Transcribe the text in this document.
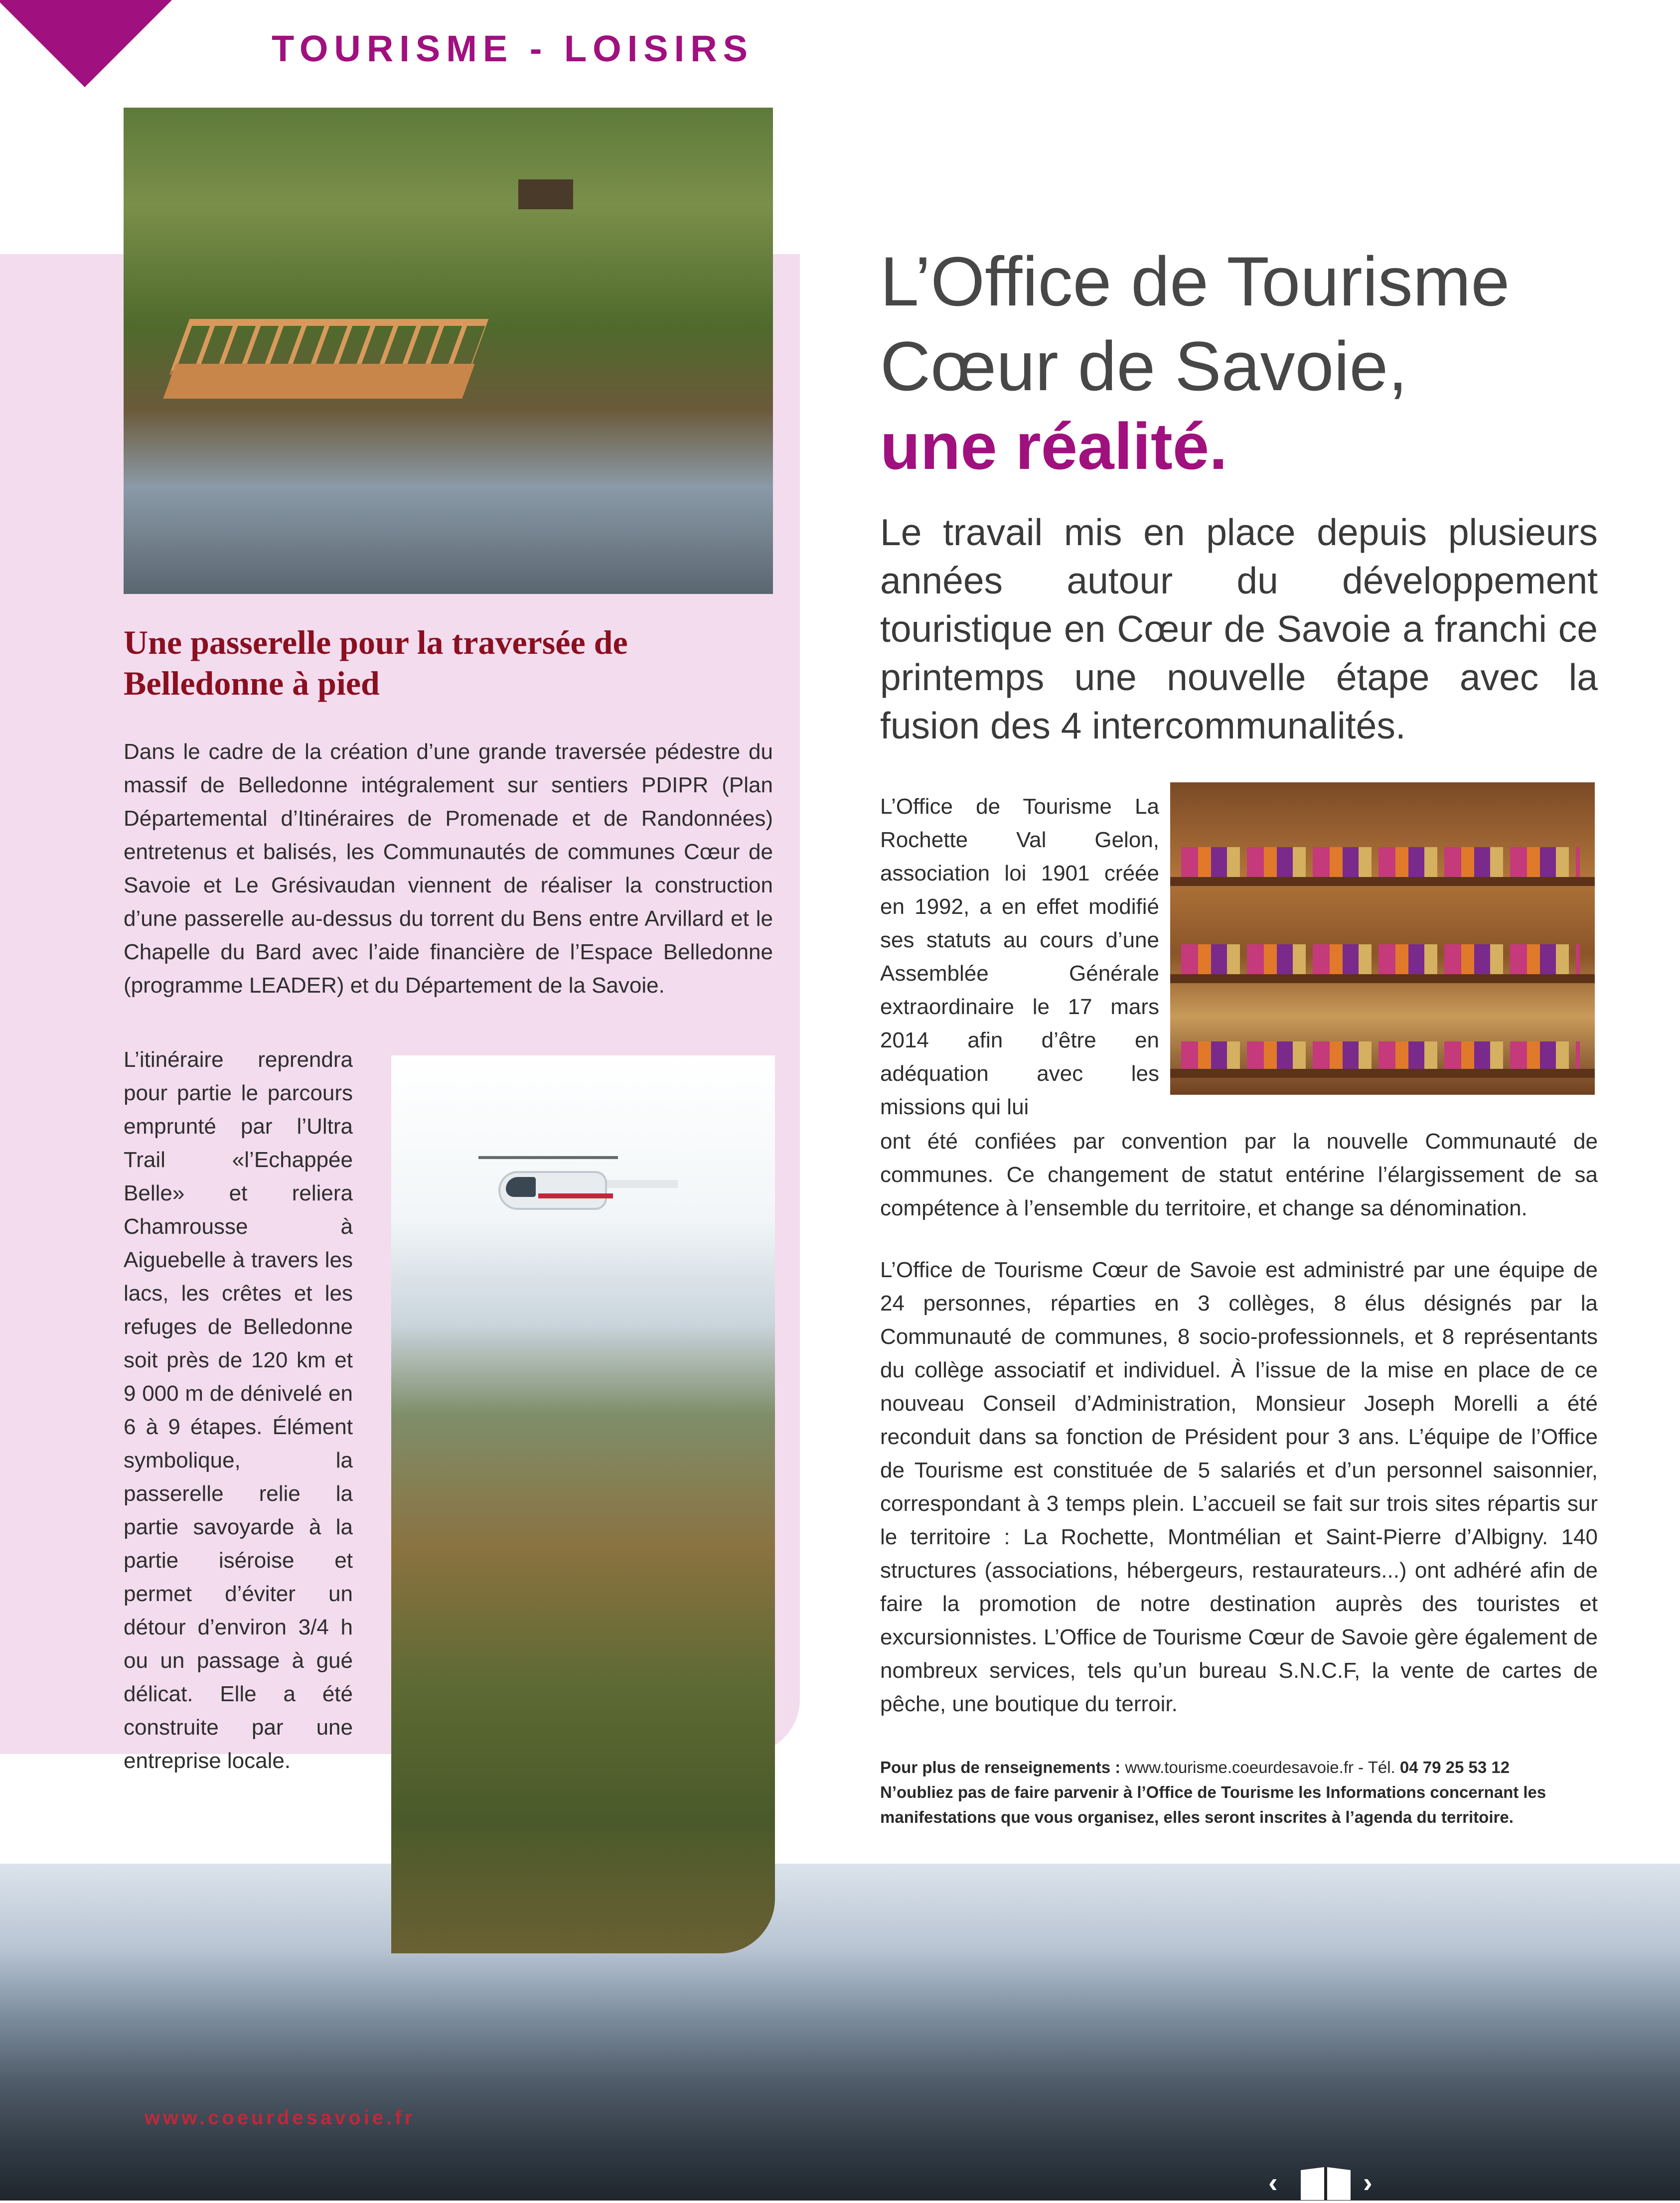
TOURISME - LOISIRS
L’Office de Tourisme
Cœur de Savoie,
une réalité.
Le travail mis en place depuis plusieurs années autour du développement touristique en Cœur de Savoie a franchi ce printemps une nouvelle étape avec la fusion des 4 intercommunalités.
L’Office de Tourisme La Rochette Val Gelon, association loi 1901 créée en 1992, a en effet modifié ses statuts au cours d’une Assemblée Générale extraordinaire le 17 mars 2014 afin d’être en adéquation avec les missions qui lui
ont été confiées par convention par la nouvelle Communauté de communes. Ce changement de statut entérine l’élargissement de sa compétence à l’ensemble du territoire, et change sa dénomination.
L’Office de Tourisme Cœur de Savoie est administré par une équipe de 24 personnes, réparties en 3 collèges, 8 élus désignés par la Communauté de communes, 8 socio-professionnels, et 8 représentants du collège associatif et individuel. À l’issue de la mise en place de ce nouveau Conseil d’Administration, Monsieur Joseph Morelli a été reconduit dans sa fonction de Président pour 3 ans. L’équipe de l’Office de Tourisme est constituée de 5 salariés et d’un personnel saisonnier, correspondant à 3 temps plein. L’accueil se fait sur trois sites répartis sur le territoire : La Rochette, Montmélian et Saint-Pierre d’Albigny. 140 structures (associations, hébergeurs, restaurateurs...) ont adhéré afin de faire la promotion de notre destination auprès des touristes et excursionnistes. L’Office de Tourisme Cœur de Savoie gère également de nombreux services, tels qu’un bureau S.N.C.F, la vente de cartes de pêche, une boutique du terroir.
Pour plus de renseignements : www.tourisme.coeurdesavoie.fr - Tél. 04 79 25 53 12
N’oubliez pas de faire parvenir à l’Office de Tourisme les Informations concernant les manifestations que vous organisez, elles seront inscrites à l’agenda du territoire.
Une passerelle pour la traversée de Belledonne à pied
Dans le cadre de la création d’une grande traversée pédestre du massif de Belledonne intégralement sur sentiers PDIPR (Plan Départemental d’Itinéraires de Promenade et de Randonnées) entretenus et balisés, les Communautés de communes Cœur de Savoie et Le Grésivaudan viennent de réaliser la construction d’une passerelle au-dessus du torrent du Bens entre Arvillard et le Chapelle du Bard avec l’aide financière de l’Espace Belledonne (programme LEADER) et du Département de la Savoie.
L’itinéraire reprendra pour partie le parcours emprunté par l’Ultra Trail «l’Echappée Belle» et reliera Chamrousse à Aiguebelle à travers les lacs, les crêtes et les refuges de Belledonne soit près de 120 km et 9 000 m de dénivelé en 6 à 9 étapes. Élément symbolique, la passerelle relie la partie savoyarde à la partie iséroise et permet d’éviter un détour d’environ 3/4 h ou un passage à gué délicat. Elle a été construite par une entreprise locale.
www.coeurdesavoie.fr
‹	›
